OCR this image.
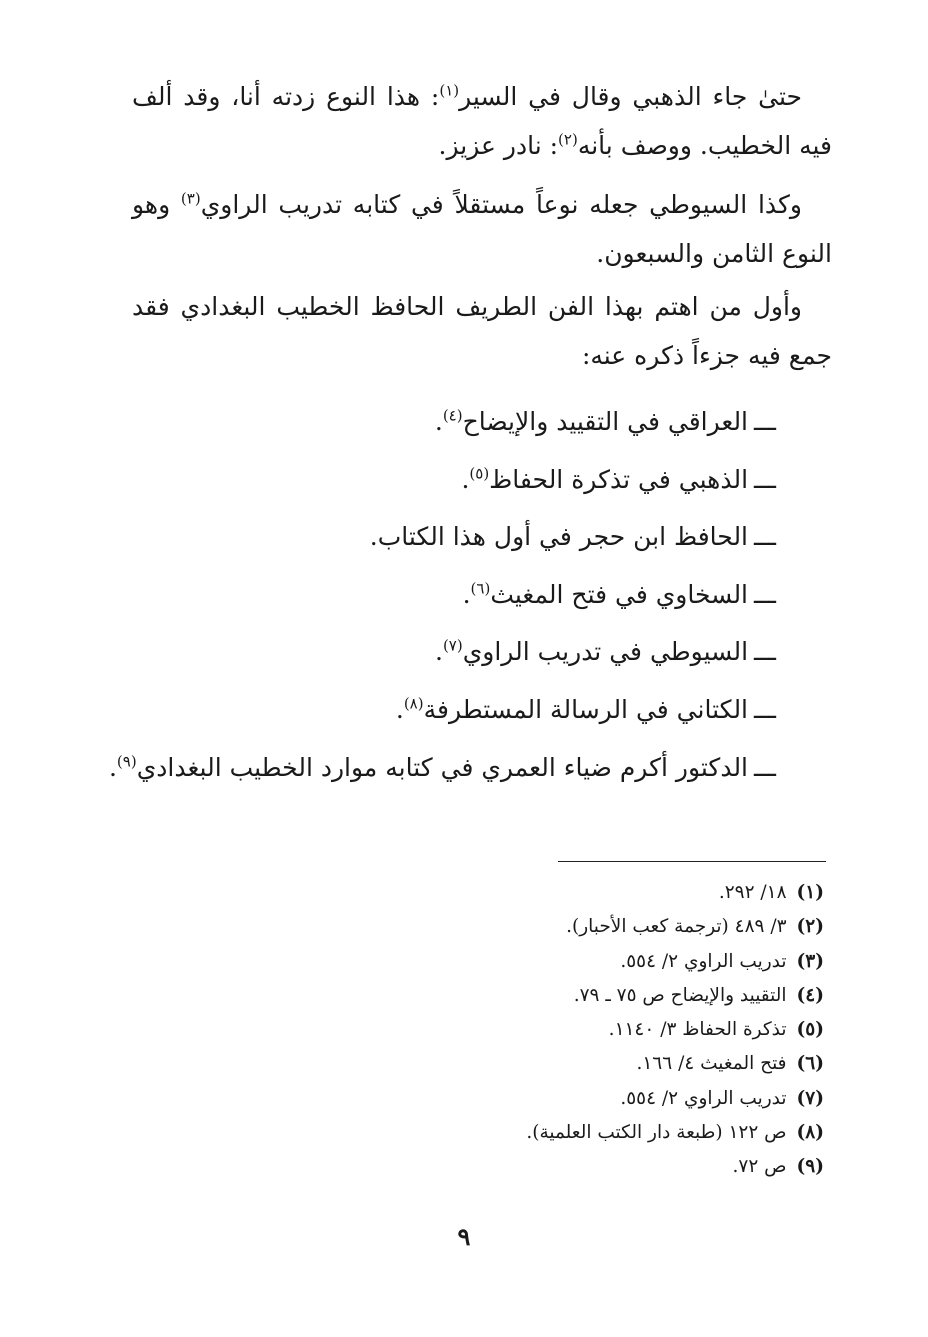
حتىٰ جاء الذهبي وقال في السير$^{(١)}$: هذا النوع زدته أنا، وقد ألف فيه الخطيب. ووصف بأنه$^{(٢)}$: نادر عزيز.

وكذا السيوطي جعله نوعاً مستقلاً في كتابه تدريب الراوي$^{(٣)}$ وهو النوع الثامن والسبعون.

وأول من اهتم بهذا الفن الطريف الحافظ الخطيب البغدادي فقد جمع فيه جزءاً ذكره عنه:

ـــالعراقي في التقييد والإيضاح$^{(٤)}$.
ـــالذهبي في تذكرة الحفاظ$^{(٥)}$.
ـــالحافظ ابن حجر في أول هذا الكتاب.
ـــالسخاوي في فتح المغيث$^{(٦)}$.
ـــالسيوطي في تدريب الراوي$^{(٧)}$.
ـــالكتاني في الرسالة المستطرفة$^{(٨)}$.
ـــالدكتور أكرم ضياء العمري في كتابه موارد الخطيب البغدادي$^{(٩)}$.
(١)١٨/ ٢٩٢.
(٢)٣/ ٤٨٩ (ترجمة كعب الأحبار).
(٣)تدريب الراوي ٢/ ٥٥٤.
(٤)التقييد والإيضاح ص ٧٥ ـ ٧٩.
(٥)تذكرة الحفاظ ٣/ ١١٤٠.
(٦)فتح المغيث ٤/ ١٦٦.
(٧)تدريب الراوي ٢/ ٥٥٤.
(٨)ص ١٢٢ (طبعة دار الكتب العلمية).
(٩)ص ٧٢.
٩
